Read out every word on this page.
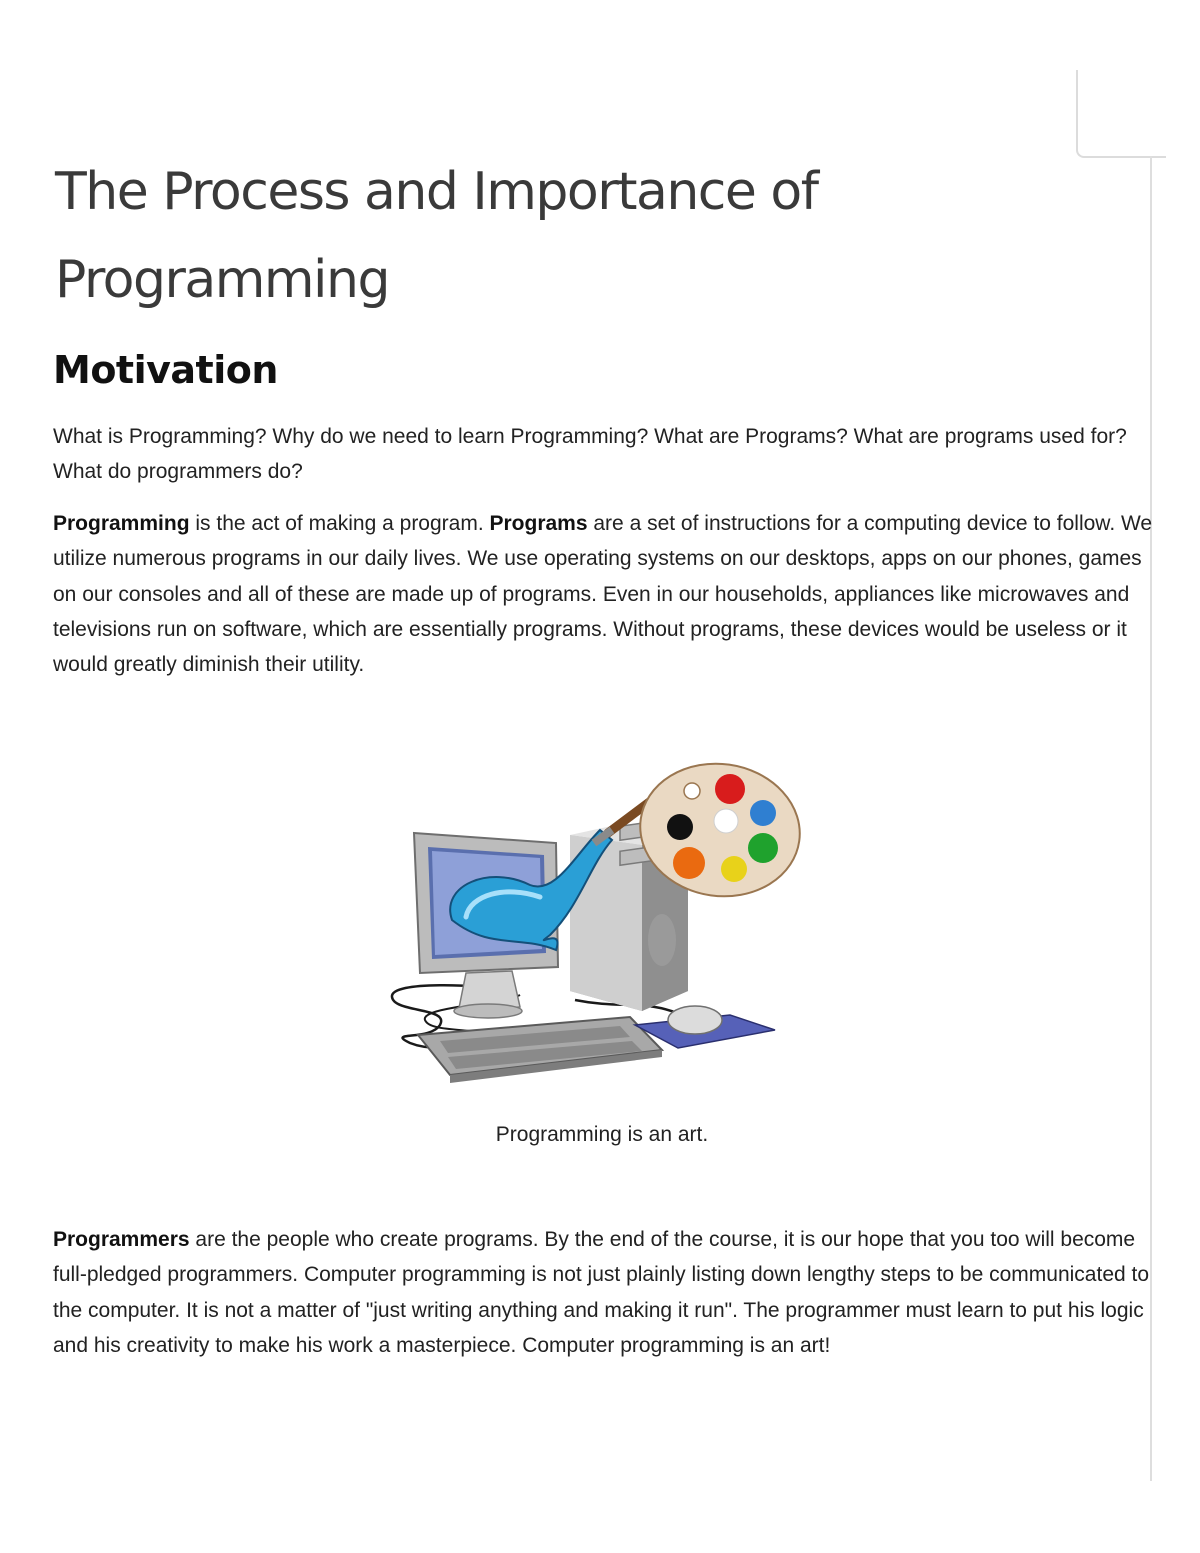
The Process and Importance of Programming
Motivation

What is Programming? Why do we need to learn Programming? What are Programs? What are programs used for? What do programmers do?

Programming is the act of making a program. Programs are a set of instructions for a computing device to follow. We utilize numerous programs in our daily lives. We use operating systems on our desktops, apps on our phones, games on our consoles and all of these are made up of programs. Even in our households, appliances like microwaves and televisions run on software, which are essentially programs. Without programs, these devices would be useless or it would greatly diminish their utility.

Programming is an art.

Programmers are the people who create programs. By the end of the course, it is our hope that you too will become full-pledged programmers. Computer programming is not just plainly listing down lengthy steps to be communicated to the computer. It is not a matter of "just writing anything and making it run". The programmer must learn to put his logic and his creativity to make his work a masterpiece. Computer programming is an art!
